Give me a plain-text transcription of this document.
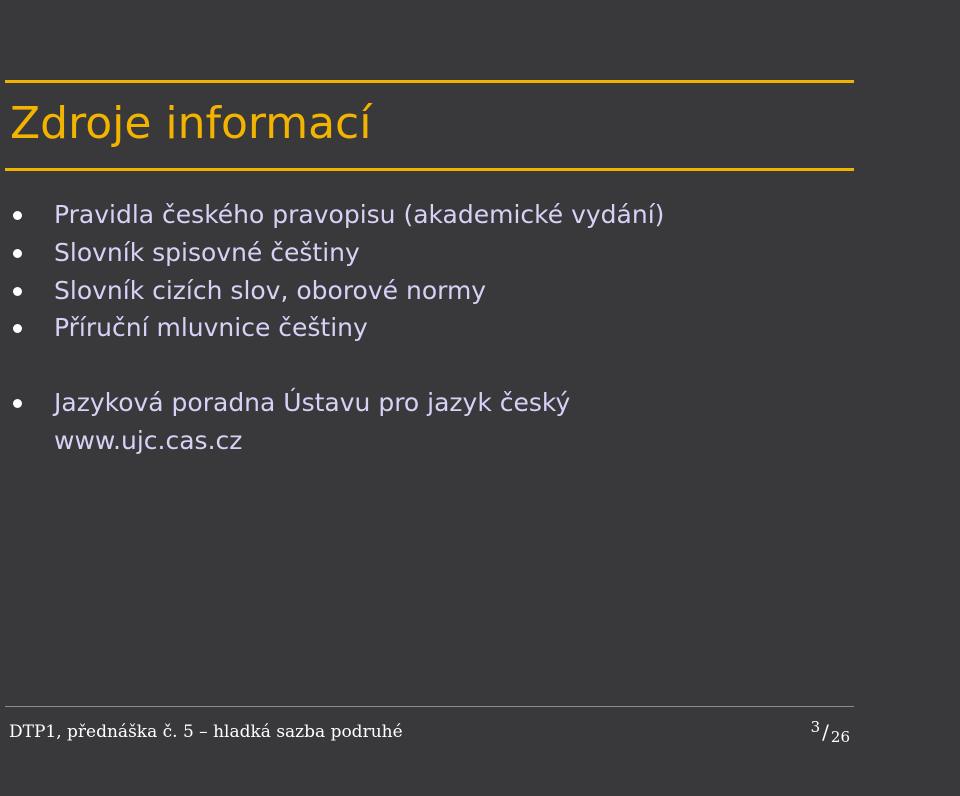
Zdroje informací
Pravidla českého pravopisu (akademické vydání)
Slovník spisovné češtiny
Slovník cizích slov, oborové normy
Příruční mluvnice češtiny
Jazyková poradna Ústavu pro jazyk český
www.ujc.cas.cz
DTP1, přednáška č. 5 – hladká sazba podruhé	3 / 26
